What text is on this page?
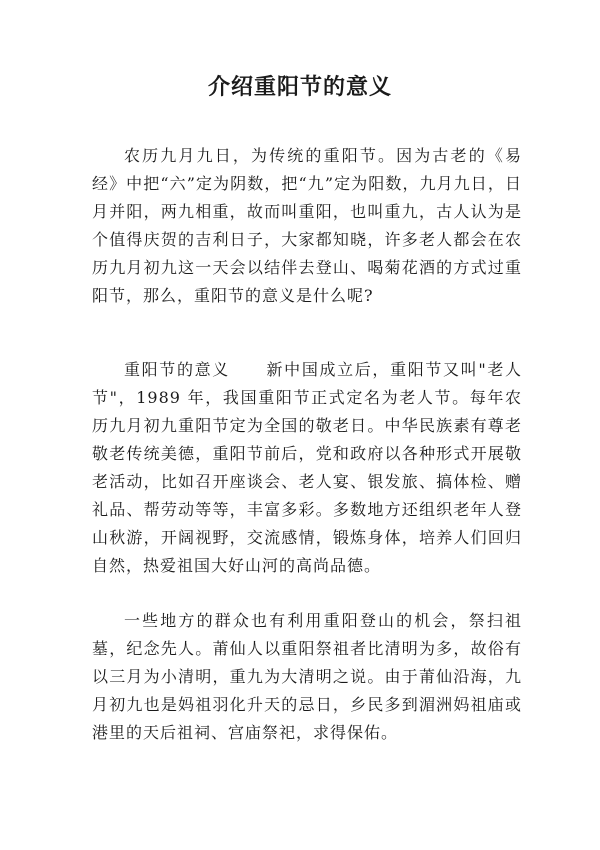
介绍重阳节的意义

农历九月九日，为传统的重阳节。因为古老的《易经》中把“六”定为阴数，把“九”定为阳数，九月九日，日月并阳，两九相重，故而叫重阳，也叫重九，古人认为是个值得庆贺的吉利日子，大家都知晓，许多老人都会在农历九月初九这一天会以结伴去登山、喝菊花酒的方式过重阳节，那么，重阳节的意义是什么呢?

重阳节的意义 新中国成立后，重阳节又叫"老人节"，1989 年，我国重阳节正式定名为老人节。每年农历九月初九重阳节定为全国的敬老日。中华民族素有尊老敬老传统美德，重阳节前后，党和政府以各种形式开展敬老活动，比如召开座谈会、老人宴、银发旅、搞体检、赠礼品、帮劳动等等，丰富多彩。多数地方还组织老年人登山秋游，开阔视野，交流感情，锻炼身体，培养人们回归自然，热爱祖国大好山河的高尚品德。

一些地方的群众也有利用重阳登山的机会，祭扫祖墓，纪念先人。莆仙人以重阳祭祖者比清明为多，故俗有以三月为小清明，重九为大清明之说。由于莆仙沿海，九月初九也是妈祖羽化升天的忌日，乡民多到湄洲妈祖庙或港里的天后祖祠、宫庙祭祀，求得保佑。
